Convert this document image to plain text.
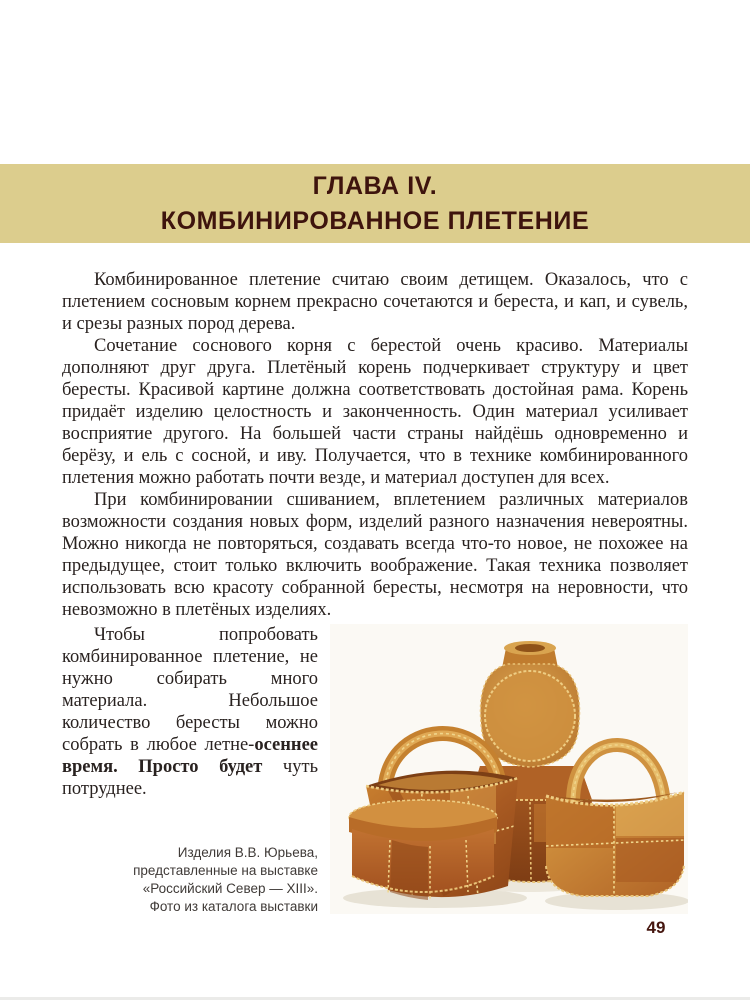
ГЛАВА IV.
КОМБИНИРОВАННОЕ ПЛЕТЕНИЕ

Комбинированное плетение считаю своим детищем. Оказалось, что с плетением сосновым корнем прекрасно сочетаются и береста, и кап, и сувель, и срезы разных пород дерева.

Сочетание соснового корня с берестой очень красиво. Материалы дополняют друг друга. Плетёный корень подчеркивает структуру и цвет бересты. Красивой картине должна соответствовать достойная рама. Корень придаёт изделию целостность и законченность. Один материал усиливает восприятие другого. На большей части страны найдёшь одновременно и берёзу, и ель с сосной, и иву. Получается, что в технике комбинированного плетения можно работать почти везде, и материал доступен для всех.

При комбинировании сшиванием, вплетением различных материалов возможности создания новых форм, изделий разного назначения невероятны. Можно никогда не повторяться, создавать всегда что-то новое, не похожее на предыдущее, стоит только включить воображение. Такая техника позволяет использовать всю красоту собранной бересты, несмотря на неровности, что невозможно в плетёных изделиях.

Чтобы попробовать комбинированное плетение, не нужно собирать много материала. Небольшое количество бересты можно собрать в любое летне-осеннее время. Просто будет чуть потруднее.

Изделия В.В. Юрьева,
представленные на выставке
«Российский Север — XIII».
Фото из каталога выставки
49
